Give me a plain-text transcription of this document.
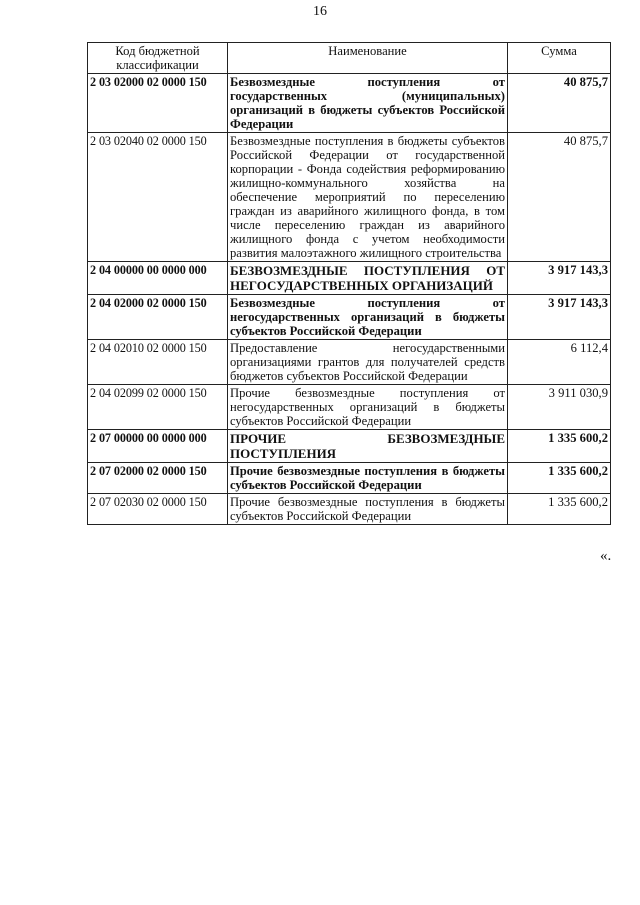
16
Код бюджетной классификации	Наименование	Сумма
2 03 02000 02 0000 150	Безвозмездные поступления от государственных (муниципальных) организаций в бюджеты субъектов Российской Федерации	40 875,7
2 03 02040 02 0000 150	Безвозмездные поступления в бюджеты субъектов Российской Федерации от государственной корпорации - Фонда содействия реформированию жилищно-коммунального хозяйства на обеспечение мероприятий по переселению граждан из аварийного жилищного фонда, в том числе переселению граждан из аварийного жилищного фонда с учетом необходимости развития малоэтажного жилищного строительства	40 875,7
2 04 00000 00 0000 000	БЕЗВОЗМЕЗДНЫЕ ПОСТУПЛЕНИЯ ОТ НЕГОСУДАРСТВЕННЫХ ОРГАНИЗАЦИЙ	3 917 143,3
2 04 02000 02 0000 150	Безвозмездные поступления от негосударственных организаций в бюджеты субъектов Российской Федерации	3 917 143,3
2 04 02010 02 0000 150	Предоставление негосударственными организациями грантов для получателей средств бюджетов субъектов Российской Федерации	6 112,4
2 04 02099 02 0000 150	Прочие безвозмездные поступления от негосударственных организаций в бюджеты субъектов Российской Федерации	3 911 030,9
2 07 00000 00 0000 000	ПРОЧИЕ БЕЗВОЗМЕЗДНЫЕ ПОСТУПЛЕНИЯ	1 335 600,2
2 07 02000 02 0000 150	Прочие безвозмездные поступления в бюджеты субъектов Российской Федерации	1 335 600,2
2 07 02030 02 0000 150	Прочие безвозмездные поступления в бюджеты субъектов Российской Федерации	1 335 600,2
«.
